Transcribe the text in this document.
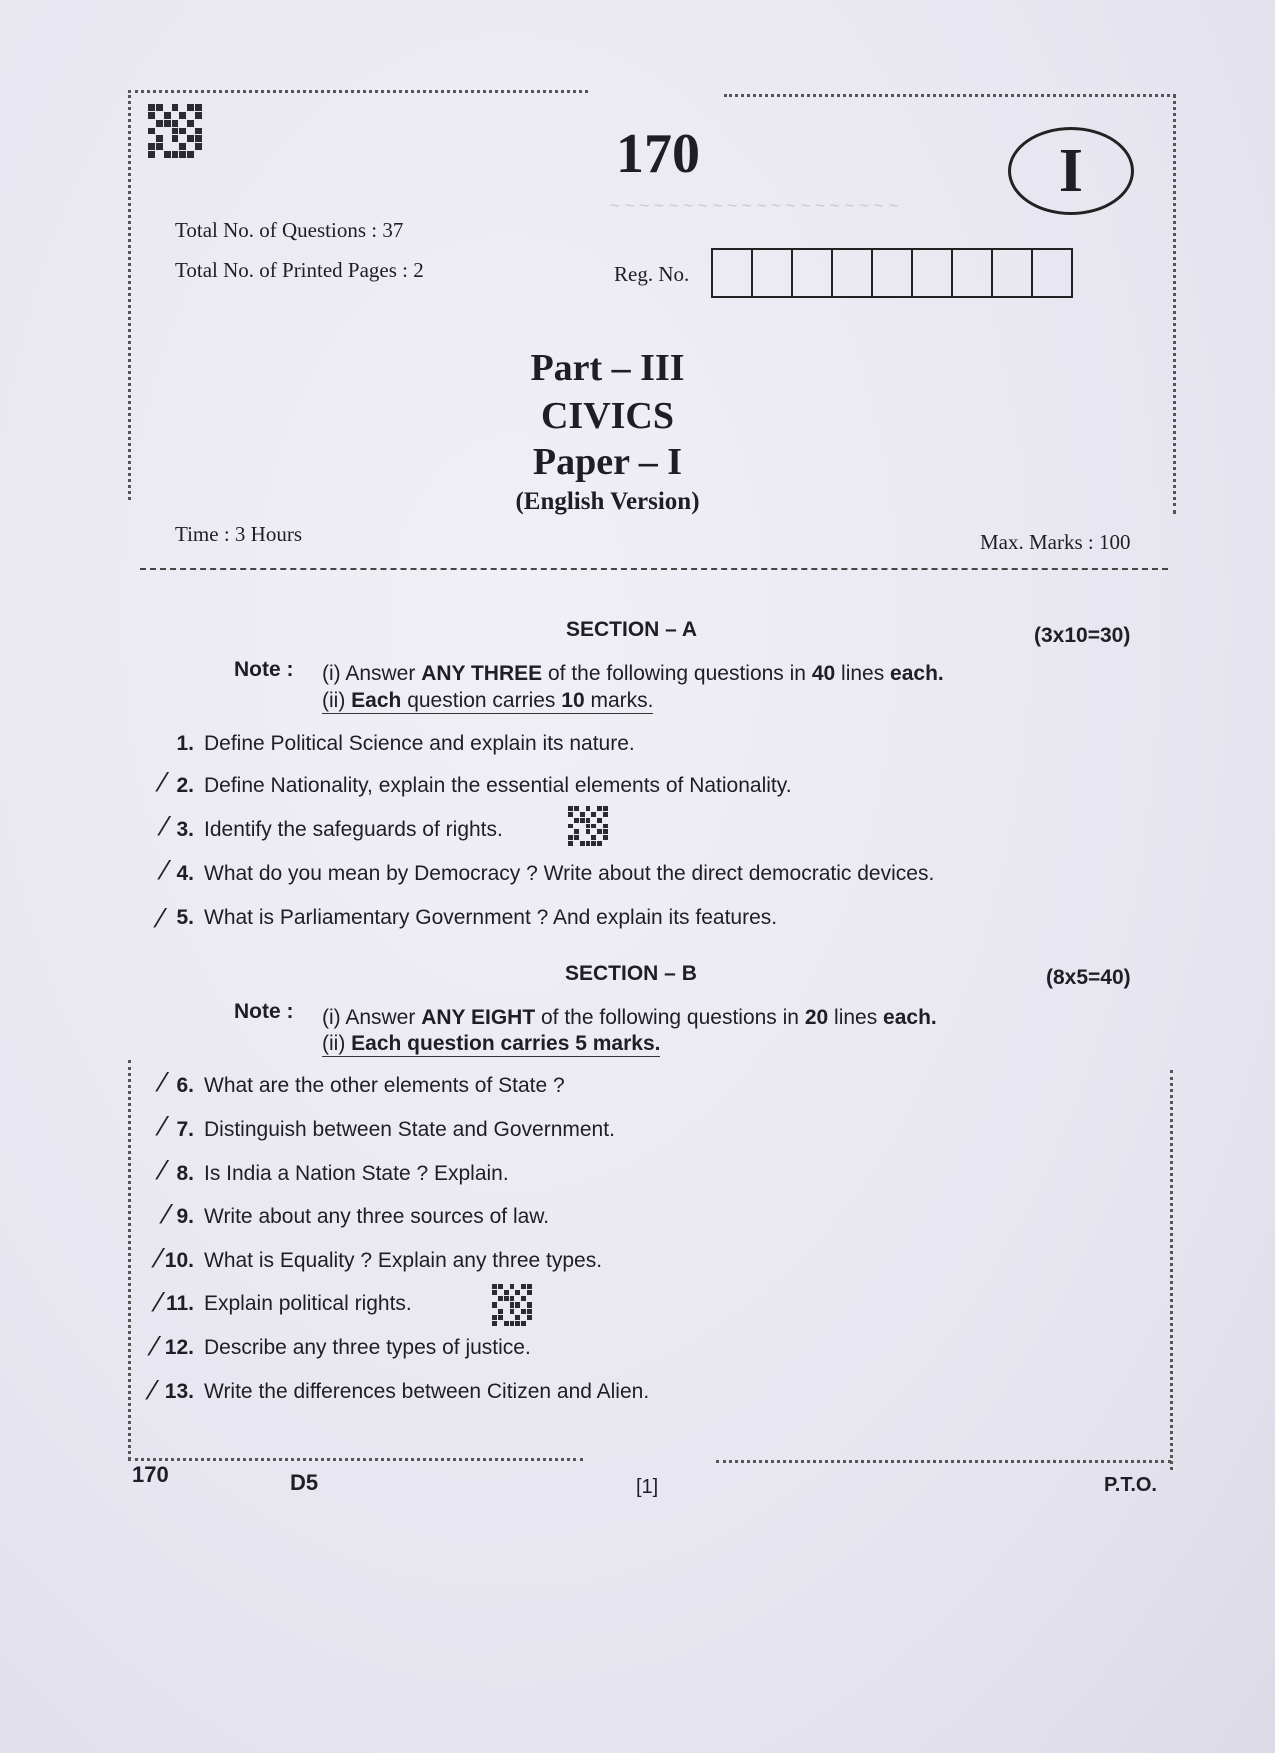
170	I
Total No. of Questions : 37
Total No. of Printed Pages : 2	Reg. No.
~ ~ ~ ~ ~ ~ ~ ~ ~ ~ ~ ~ ~ ~ ~ ~ ~ ~ ~ ~
Part – III
CIVICS
Paper – I
(English Version)
Time : 3 Hours	Max. Marks : 100
SECTION – A	(3x10=30)
Note : (i) Answer ANY THREE of the following questions in 40 lines each.
(ii) Each question carries 10 marks.
1. Define Political Science and explain its nature.
2. Define Nationality, explain the essential elements of Nationality.
3. Identify the safeguards of rights.
4. What do you mean by Democracy ? Write about the direct democratic devices.
5. What is Parliamentary Government ? And explain its features.
SECTION – B	(8x5=40)
Note : (i) Answer ANY EIGHT of the following questions in 20 lines each.
(ii) Each question carries 5 marks.
6. What are the other elements of State ?
7. Distinguish between State and Government.
8. Is India a Nation State ? Explain.
9. Write about any three sources of law.
10. What is Equality ? Explain any three types.
11. Explain political rights.
12. Describe any three types of justice.
13. Write the differences between Citizen and Alien.
⁄
⁄
⁄
⁄
⁄
⁄
⁄
⁄
⁄
⁄
⁄
⁄
170	D5	[1]	P.T.O.
